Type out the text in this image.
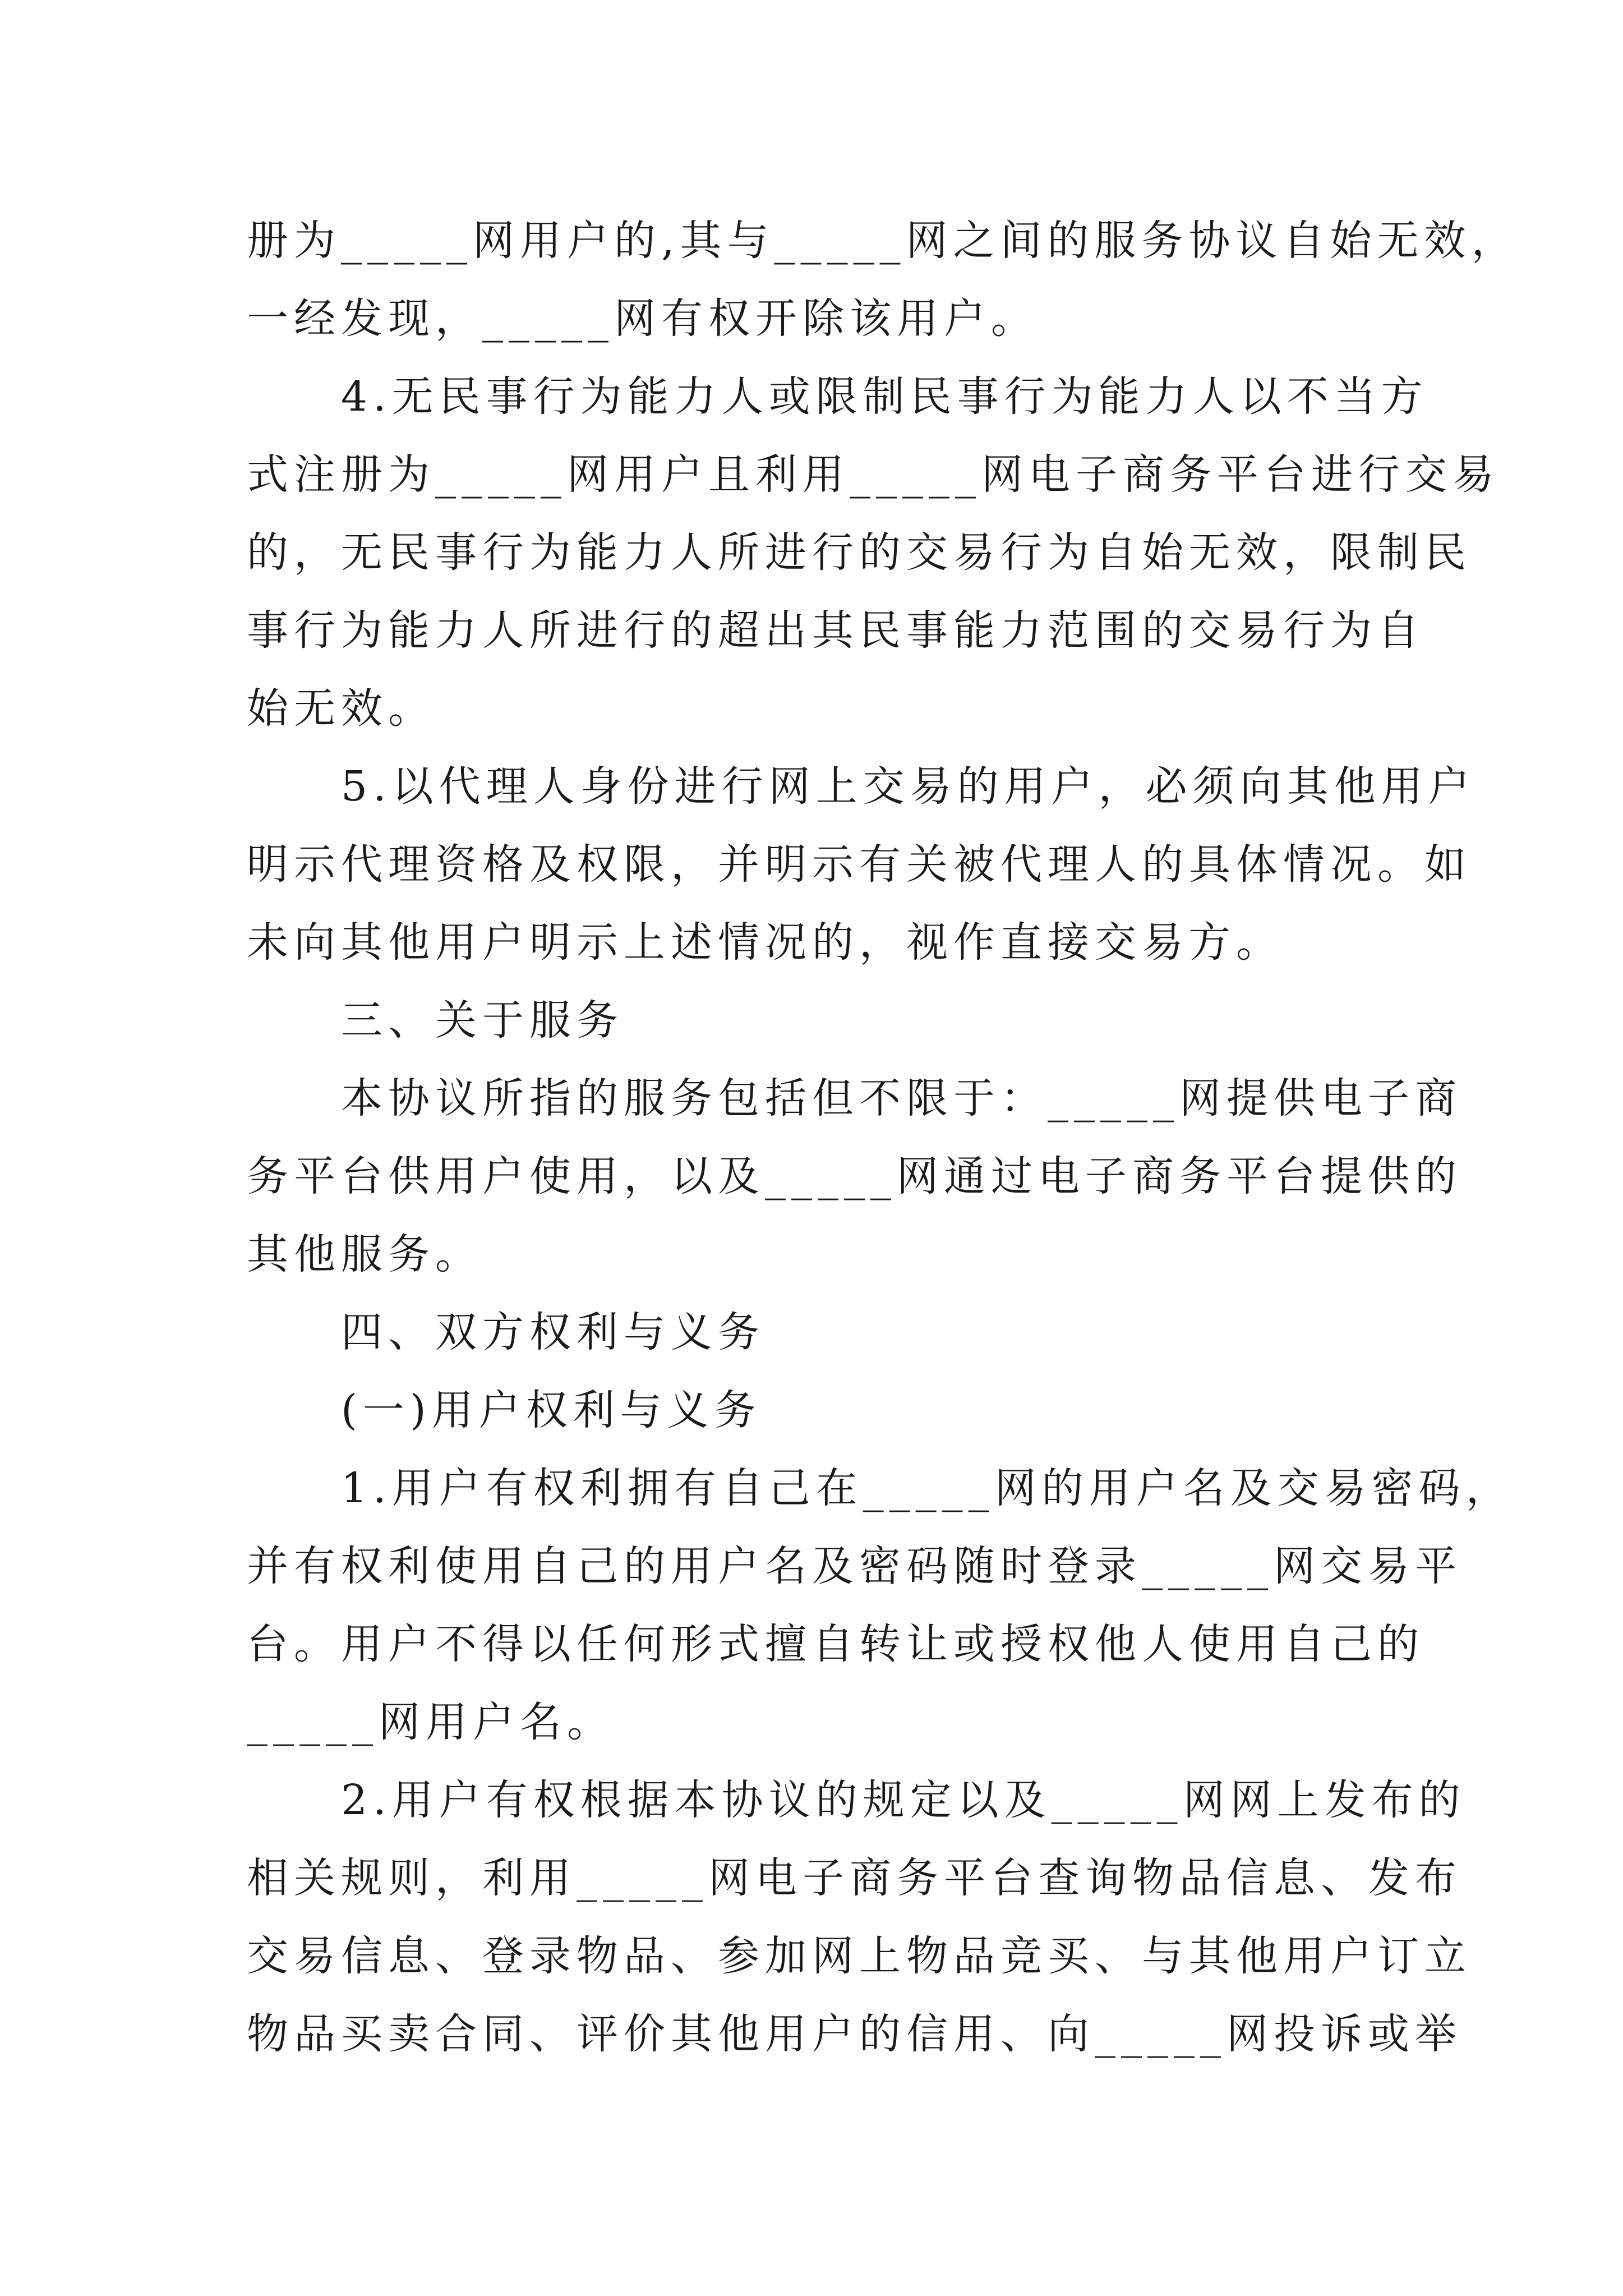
册为_____网用户的,其与_____网之间的服务协议自始无效，
一经发现，_____网有权开除该用户。
　　4.无民事行为能力人或限制民事行为能力人以不当方
式注册为_____网用户且利用_____网电子商务平台进行交易
的，无民事行为能力人所进行的交易行为自始无效，限制民
事行为能力人所进行的超出其民事能力范围的交易行为自
始无效。
　　5.以代理人身份进行网上交易的用户，必须向其他用户
明示代理资格及权限，并明示有关被代理人的具体情况。如
未向其他用户明示上述情况的，视作直接交易方。
　　三、关于服务
　　本协议所指的服务包括但不限于：_____网提供电子商
务平台供用户使用，以及_____网通过电子商务平台提供的
其他服务。
　　四、双方权利与义务
　　(一)用户权利与义务
　　1.用户有权利拥有自己在_____网的用户名及交易密码，
并有权利使用自己的用户名及密码随时登录_____网交易平
台。用户不得以任何形式擅自转让或授权他人使用自己的
_____网用户名。
　　2.用户有权根据本协议的规定以及_____网网上发布的
相关规则，利用_____网电子商务平台查询物品信息、发布
交易信息、登录物品、参加网上物品竞买、与其他用户订立
物品买卖合同、评价其他用户的信用、向_____网投诉或举
